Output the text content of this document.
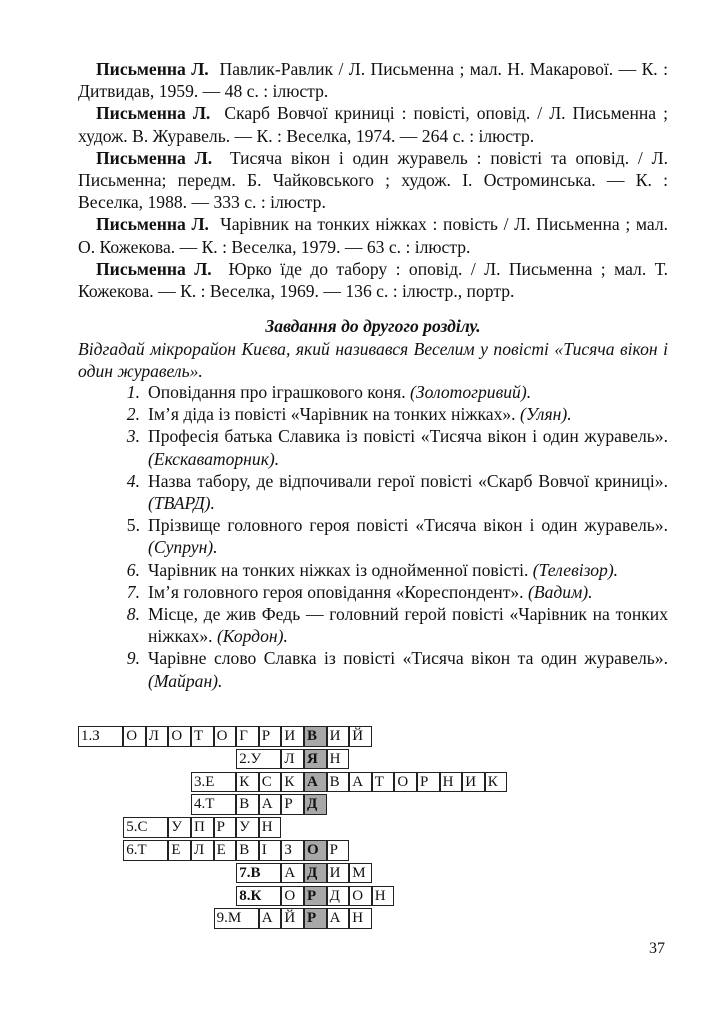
Письменна Л. Павлик-Равлик / Л. Письменна ; мал. Н. Макарової. — К. : Дитвидав, 1959. — 48 с. : ілюстр.

Письменна Л. Скарб Вовчої криниці : повісті, оповід. / Л. Письменна ; худож. В. Журавель. — К. : Веселка, 1974. — 264 с. : ілюстр.

Письменна Л. Тисяча вікон і один журавель : повісті та оповід. / Л. Письменна; передм. Б. Чайковського ; худож. І. Остроминська. — К. : Веселка, 1988. — 333 с. : ілюстр.

Письменна Л. Чарівник на тонких ніжках : повість / Л. Письменна ; мал. О. Кожекова. — К. : Веселка, 1979. — 63 с. : ілюстр.

Письменна Л. Юрко їде до табору : оповід. / Л. Письменна ; мал. Т. Кожекова. — К. : Веселка, 1969. — 136 с. : ілюстр., портр.

Завдання до другого розділу.
Відгадай мікрорайон Києва, який називався Веселим у повісті «Тисяча вікон і один журавель».
1. Оповідання про іграшкового коня. (Золотогривий).
2. Ім’я діда із повісті «Чарівник на тонких ніжках». (Улян).
3. Професія батька Славика із повісті «Тисяча вікон і один журавель». (Екскаваторник).
4. Назва табору, де відпочивали герої повісті «Скарб Вовчої криниці». (ТВАРД).
5. Прізвище головного героя повісті «Тисяча вікон і один журавель». (Супрун).
6. Чарівник на тонких ніжках із однойменної повісті. (Телевізор).
7. Ім’я головного героя оповідання «Кореспондент». (Вадим).
8. Місце, де жив Федь — головний герой повісті «Чарівник на тонких ніжках». (Кордон).
9. Чарівне слово Славка із повісті «Тисяча вікон та один журавель». (Майран).
1.З	О Л О Т О Г Р И В И Й
2.У	Л Я Н
3.Е	К С К А В А Т О Р Н И К
4.Т	В А Р Д
5.С	У П Р У Н
6.Т	Е Л Е В І	З	О Р
7.В	А Д И М
8.К	О Р Д О Н
9.М	А Й Р А Н
37
